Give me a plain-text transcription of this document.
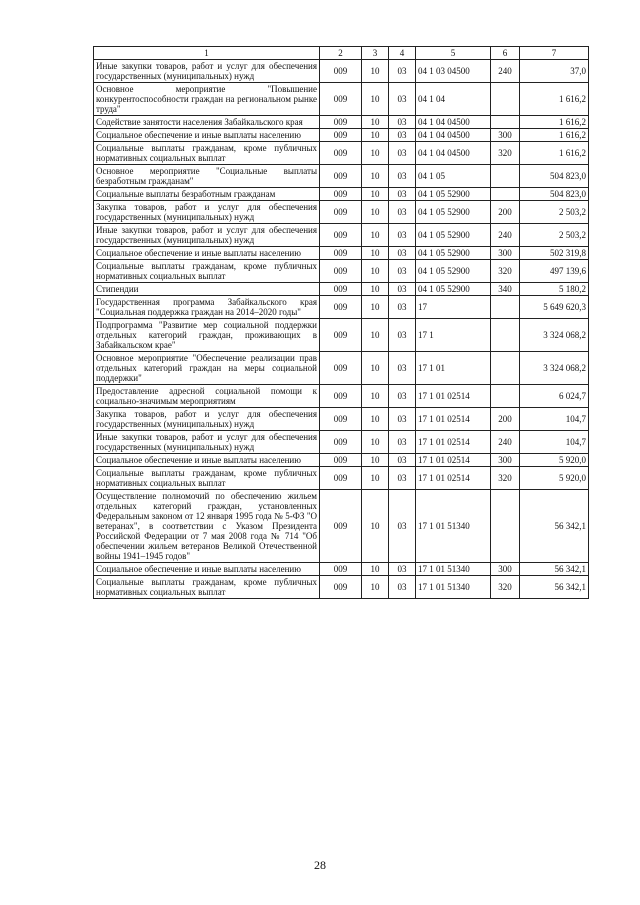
1	2	3	4	5	6	7
Иные закупки товаров, работ и услуг для обеспечения государственных (муниципальных) нужд	009	10	03	04 1 03 04500	240	37,0
Основное мероприятие "Повышение конкурентоспособности граждан на региональном рынке труда"	009	10	03	04 1 04		1 616,2
Содействие занятости населения Забайкальского края	009	10	03	04 1 04 04500		1 616,2
Социальное обеспечение и иные выплаты населению	009	10	03	04 1 04 04500	300	1 616,2
Социальные выплаты гражданам, кроме публичных нормативных социальных выплат	009	10	03	04 1 04 04500	320	1 616,2
Основное мероприятие "Социальные выплаты безработным гражданам"	009	10	03	04 1 05		504 823,0
Социальные выплаты безработным гражданам	009	10	03	04 1 05 52900		504 823,0
Закупка товаров, работ и услуг для обеспечения государственных (муниципальных) нужд	009	10	03	04 1 05 52900	200	2 503,2
Иные закупки товаров, работ и услуг для обеспечения государственных (муниципальных) нужд	009	10	03	04 1 05 52900	240	2 503,2
Социальное обеспечение и иные выплаты населению	009	10	03	04 1 05 52900	300	502 319,8
Социальные выплаты гражданам, кроме публичных нормативных социальных выплат	009	10	03	04 1 05 52900	320	497 139,6
Стипендии	009	10	03	04 1 05 52900	340	5 180,2
Государственная программа Забайкальского края "Социальная поддержка граждан на 2014–2020 годы"	009	10	03	17		5 649 620,3
Подпрограмма "Развитие мер социальной поддержки отдельных категорий граждан, проживающих в Забайкальском крае"	009	10	03	17 1		3 324 068,2
Основное мероприятие "Обеспечение реализации прав отдельных категорий граждан на меры социальной поддержки"	009	10	03	17 1 01		3 324 068,2
Предоставление адресной социальной помощи к социально-значимым мероприятиям	009	10	03	17 1 01 02514		6 024,7
Закупка товаров, работ и услуг для обеспечения государственных (муниципальных) нужд	009	10	03	17 1 01 02514	200	104,7
Иные закупки товаров, работ и услуг для обеспечения государственных (муниципальных) нужд	009	10	03	17 1 01 02514	240	104,7
Социальное обеспечение и иные выплаты населению	009	10	03	17 1 01 02514	300	5 920,0
Социальные выплаты гражданам, кроме публичных нормативных социальных выплат	009	10	03	17 1 01 02514	320	5 920,0
Осуществление полномочий по обеспечению жильем отдельных категорий граждан, установленных Федеральным законом от 12 января 1995 года № 5-ФЗ "О ветеранах", в соответствии с Указом Президента Российской Федерации от 7 мая 2008 года № 714 "Об обеспечении жильем ветеранов Великой Отечественной войны 1941–1945 годов"	009	10	03	17 1 01 51340		56 342,1
Социальное обеспечение и иные выплаты населению	009	10	03	17 1 01 51340	300	56 342,1
Социальные выплаты гражданам, кроме публичных нормативных социальных выплат	009	10	03	17 1 01 51340	320	56 342,1
28
